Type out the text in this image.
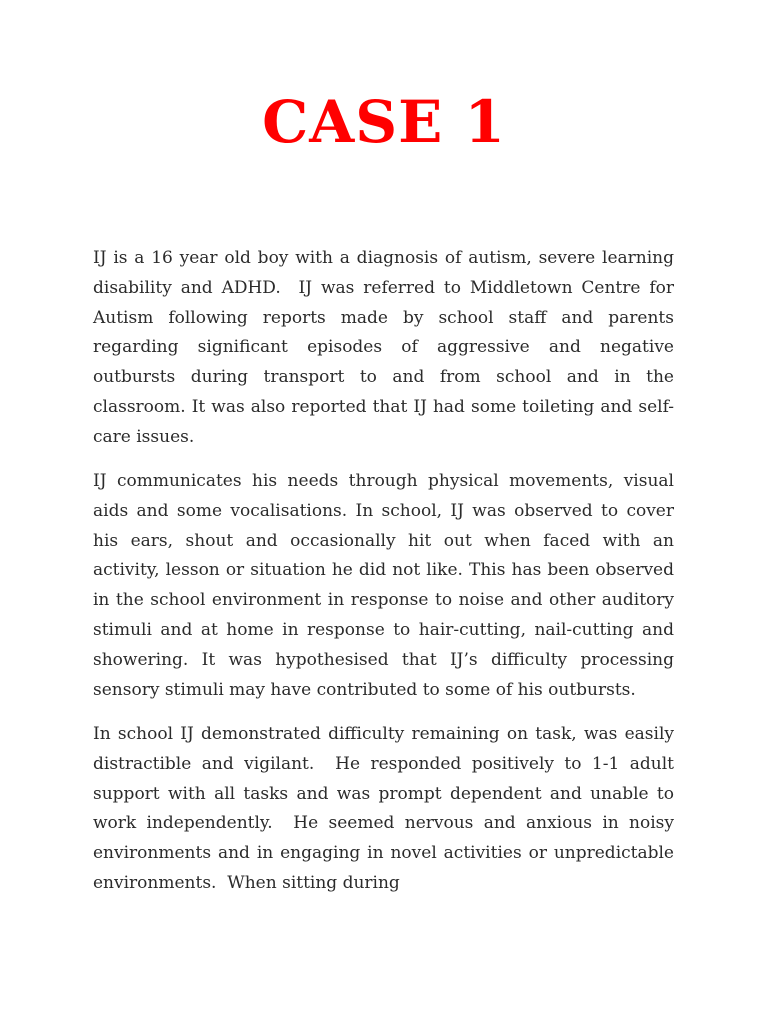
CASE 1

IJ is a 16 year old boy with a diagnosis of autism, severe learning disability and ADHD.  IJ was referred to Middletown Centre for Autism following reports made by school staff and parents regarding significant episodes of aggressive and negative outbursts during transport to and from school and in the classroom. It was also reported that IJ had some toileting and self-care issues.

IJ communicates his needs through physical movements, visual aids and some vocalisations. In school, IJ was observed to cover his ears, shout and occasionally hit out when faced with an activity, lesson or situation he did not like. This has been observed in the school environment in response to noise and other auditory stimuli and at home in response to hair-cutting, nail-cutting and showering. It was hypothesised that IJ’s difficulty processing sensory stimuli may have contributed to some of his outbursts.

In school IJ demonstrated difficulty remaining on task, was easily distractible and vigilant.  He responded positively to 1-1 adult support with all tasks and was prompt dependent and unable to work independently.  He seemed nervous and anxious in noisy environments and in engaging in novel activities or unpredictable environments.  When sitting during
